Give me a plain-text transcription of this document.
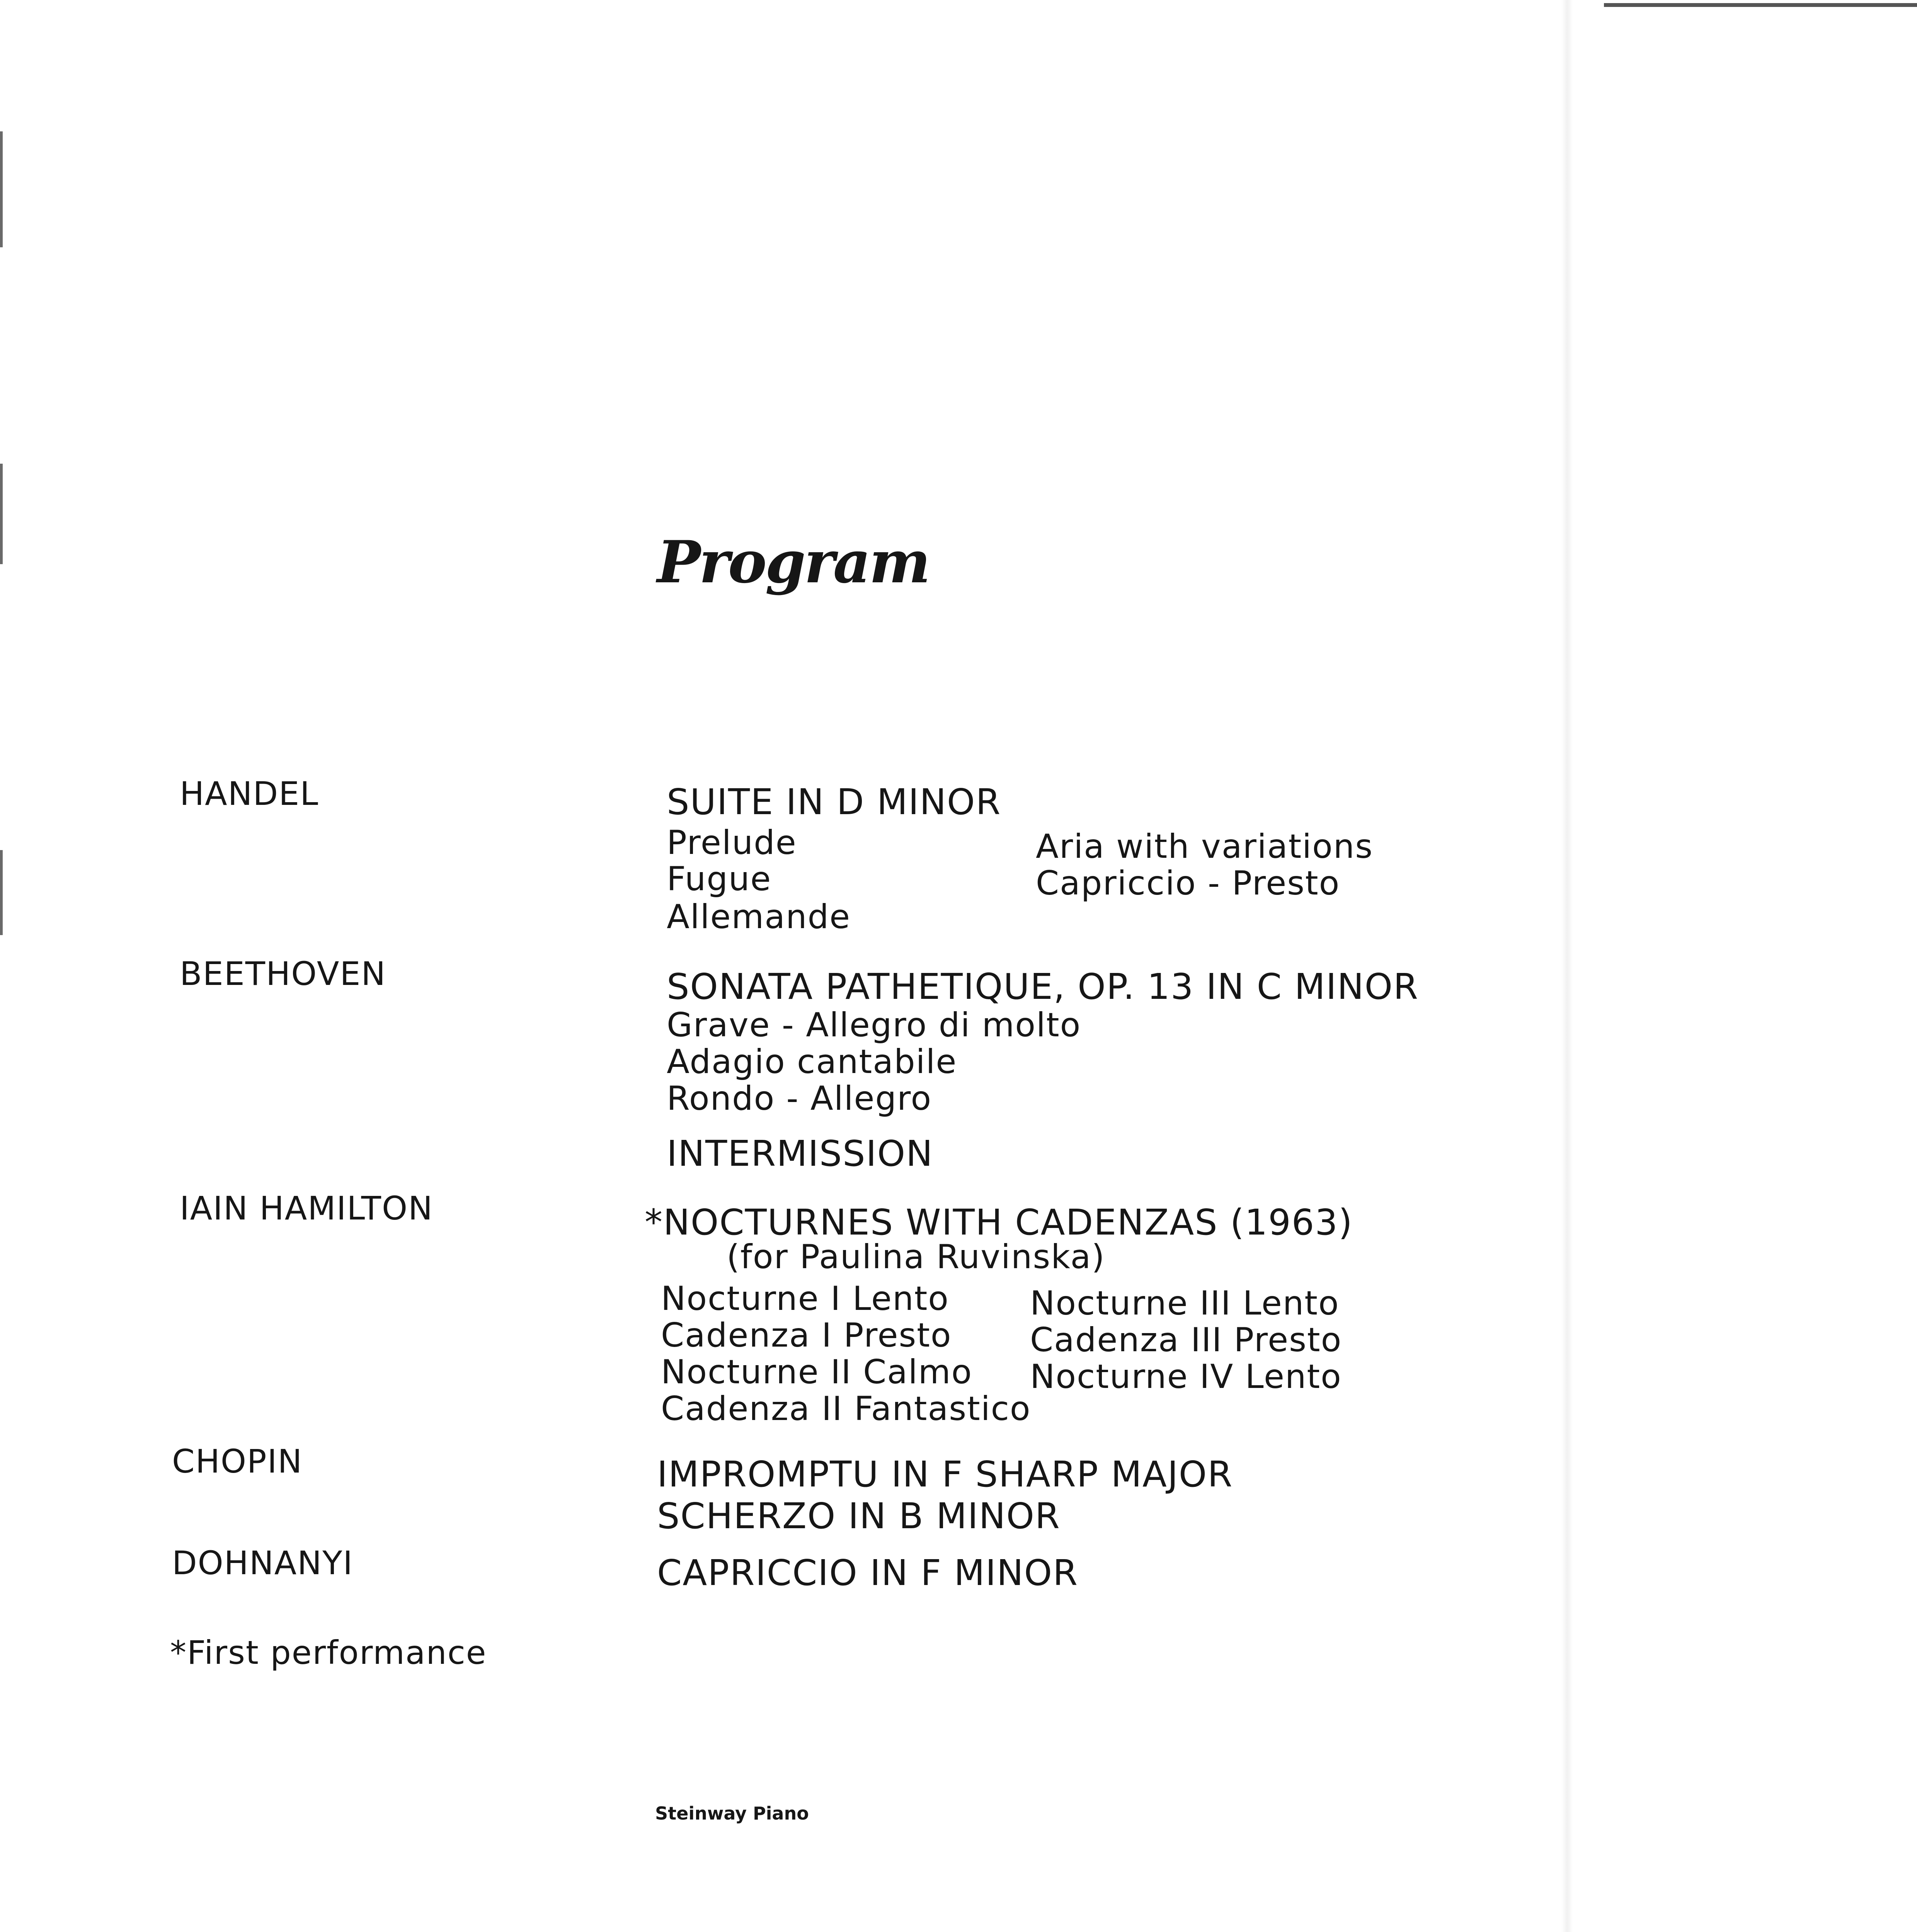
Program
HANDEL	SUITE IN D MINOR
Prelude
Fugue
Allemande
Aria with variations
Capriccio - Presto
BEETHOVEN	SONATA PATHETIQUE, OP. 13 IN C MINOR
Grave - Allegro di molto
Adagio cantabile
Rondo - Allegro
INTERMISSION
IAIN HAMILTON	*NOCTURNES WITH CADENZAS (1963)
(for Paulina Ruvinska)
Nocturne I Lento
Cadenza I Presto
Nocturne II Calmo
Cadenza II Fantastico
Nocturne III Lento
Cadenza III Presto
Nocturne IV Lento
CHOPIN	IMPROMPTU IN F SHARP MAJOR
SCHERZO IN B MINOR
DOHNANYI	CAPRICCIO IN F MINOR
*First performance
Steinway Piano
